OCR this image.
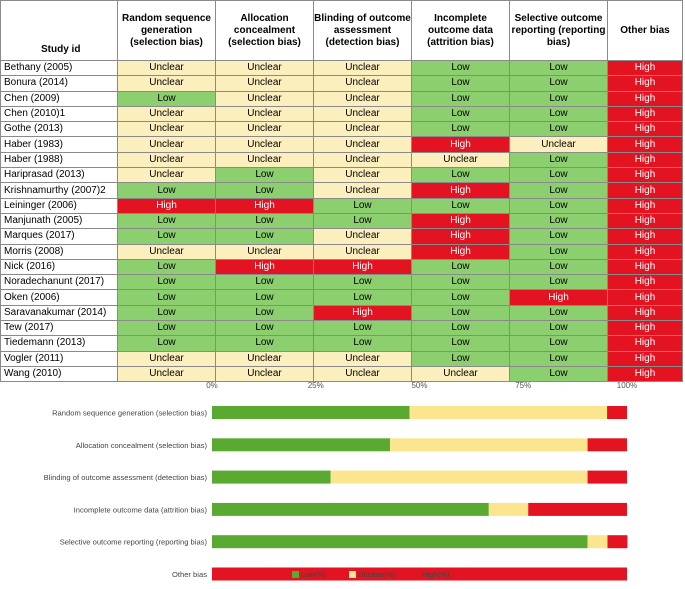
Study id	Random sequence generation (selection bias)	Allocation concealment (selection bias)	Blinding of outcome assessment (detection bias)	Incomplete outcome data (attrition bias)	Selective outcome reporting (reporting bias)	Other bias
Bethany (2005)	Unclear	Unclear	Unclear	Low	Low	High
Bonura (2014)	Unclear	Unclear	Unclear	Low	Low	High
Chen (2009)	Low	Unclear	Unclear	Low	Low	High
Chen (2010)1	Unclear	Unclear	Unclear	Low	Low	High
Gothe (2013)	Unclear	Unclear	Unclear	Low	Low	High
Haber (1983)	Unclear	Unclear	Unclear	High	Unclear	High
Haber (1988)	Unclear	Unclear	Unclear	Unclear	Low	High
Hariprasad (2013)	Unclear	Low	Unclear	Low	Low	High
Krishnamurthy (2007)2	Low	Low	Unclear	High	Low	High
Leininger (2006)	High	High	Low	Low	Low	High
Manjunath (2005)	Low	Low	Low	High	Low	High
Marques (2017)	Low	Low	Unclear	High	Low	High
Morris (2008)	Unclear	Unclear	Unclear	High	Low	High
Nick (2016)	Low	High	High	Low	Low	High
Noradechanunt (2017)	Low	Low	Low	Low	Low	High
Oken (2006)	Low	Low	Low	Low	High	High
Saravanakumar (2014)	Low	Low	High	Low	Low	High
Tew (2017)	Low	Low	Low	Low	Low	High
Tiedemann (2013)	Low	Low	Low	Low	Low	High
Vogler (2011)	Unclear	Unclear	Unclear	Low	Low	High
Wang (2010)	Unclear	Unclear	Unclear	Unclear	Low	High
0%	25%	50%	75%	100%
Random sequence generation (selection bias)
Allocation concealment (selection bias)
Blinding of outcome assessment (detection bias)
Incomplete outcome data (attrition bias)
Selective outcome reporting (reporting bias)
Other bias	Low(%)	Unclear(%)	High(%)
